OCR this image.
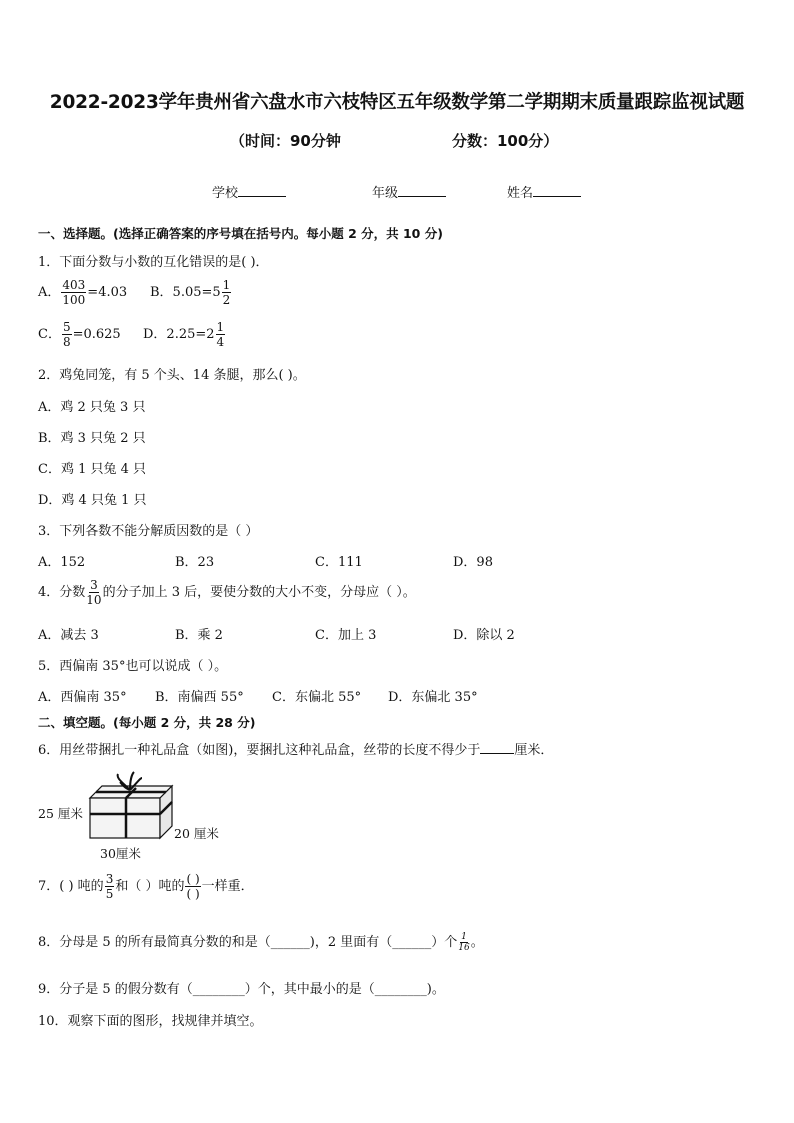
2022-2023学年贵州省六盘水市六枝特区五年级数学第二学期期末质量跟踪监视试题
（时间：90分钟	分数：100分）
学校	年级	姓名
一、选择题。(选择正确答案的序号填在括号内。每小题 2 分，共 10 分)
1．下面分数与小数的互化错误的是( )．
A． $\frac{403}{100} =4.03$ B．$5.05=5 \frac{1}{2}$
C． $\frac{5}{8} =0.625$ D．$2.25=2 \frac{1}{4}$
2．鸡兔同笼，有 5 个头、14 条腿，那么( )。
A．鸡 2 只兔 3 只
B．鸡 3 只兔 2 只
C．鸡 1 只兔 4 只
D．鸡 4 只兔 1 只
3．下列各数不能分解质因数的是（ ）
A．152	B．23	C．111	D．98
4．分数 $\frac{3}{10}$ 的分子加上 3 后，要使分数的大小不变，分母应（ ）。
A．减去 3	B．乘 2	C．加上 3	D．除以 2
5．西偏南 35°也可以说成（ ）。
A．西偏南 35° B．南偏西 55° C．东偏北 55° D．东偏北 35°
二、填空题。(每小题 2 分，共 28 分)
6．用丝带捆扎一种礼品盒（如图)，要捆扎这种礼品盒，丝带的长度不得少于	厘米．
25 厘米
20 厘米
30厘米
7．( ) 吨的 $\frac{3}{5}$ 和（ ）吨的 $\frac{( )}{( )}$ 一样重．
8．分母是 5 的所有最简真分数的和是（______)，2 里面有（______）个 $\frac{1}{16}$ 。
9．分子是 5 的假分数有（________）个，其中最小的是（________)。
10．观察下面的图形，找规律并填空。
